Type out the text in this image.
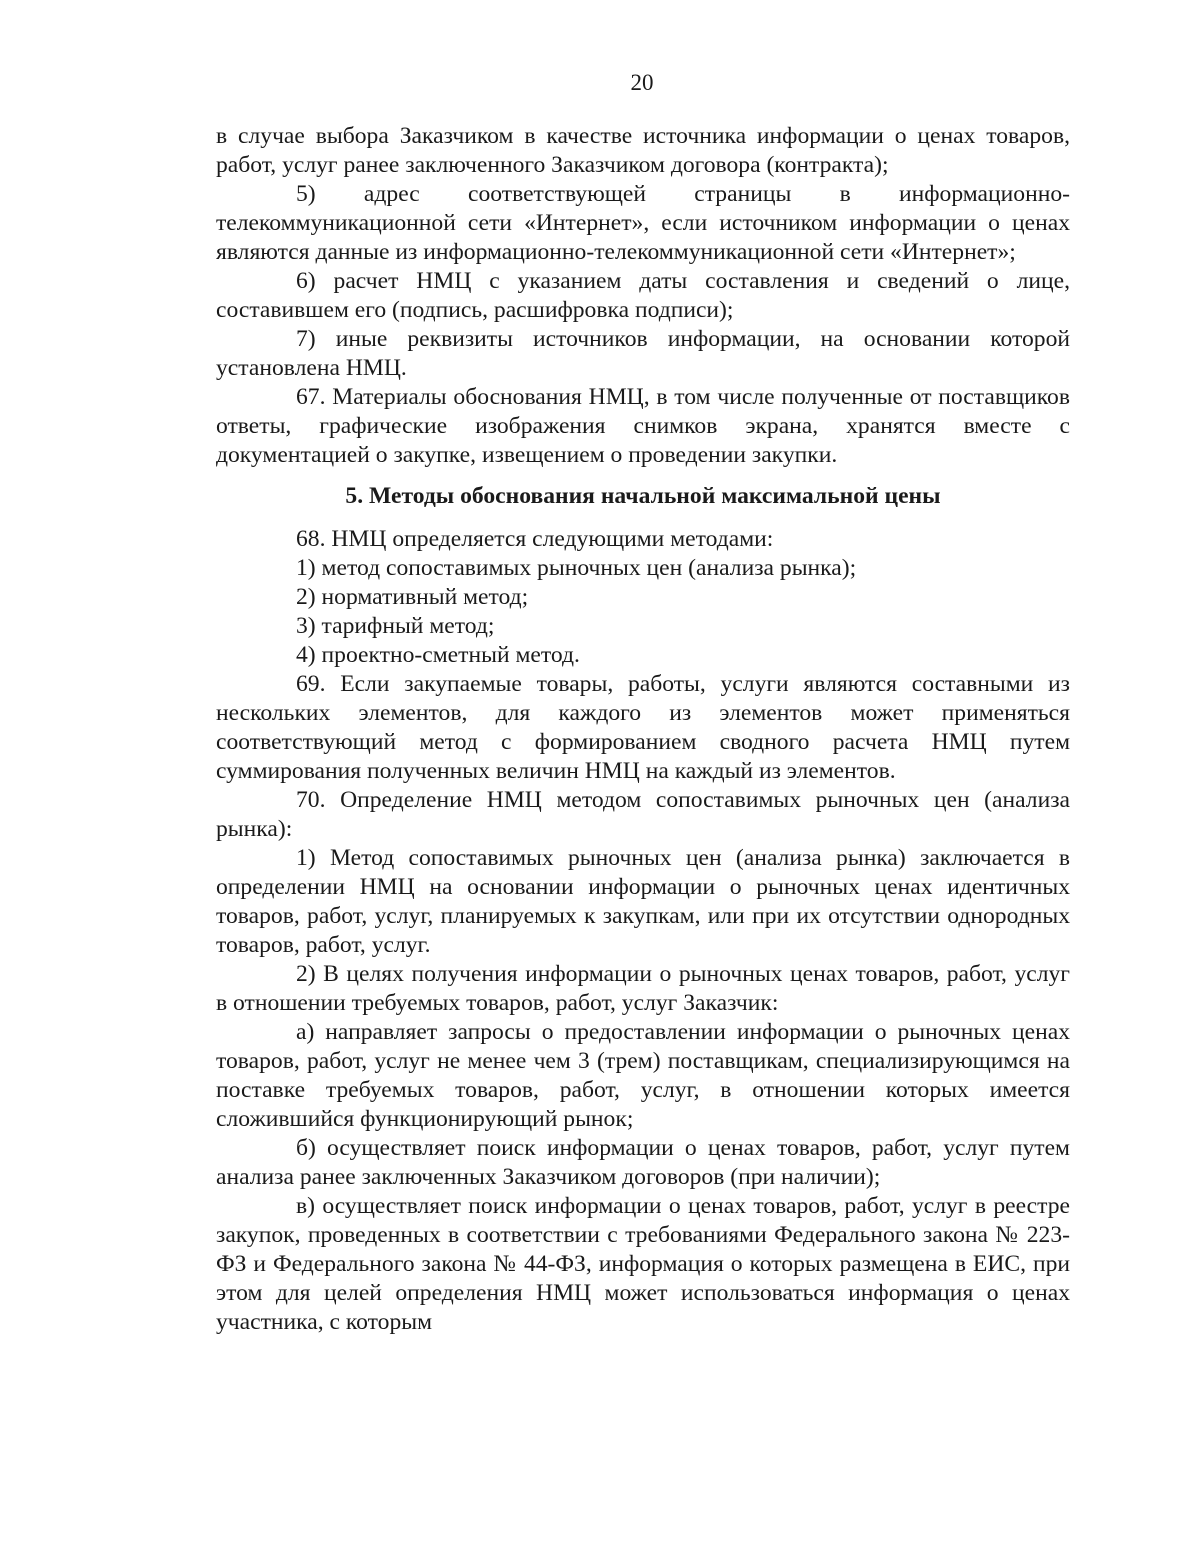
20

в случае выбора Заказчиком в качестве источника информации о ценах товаров, работ, услуг ранее заключенного Заказчиком договора (контракта);

5) адрес соответствующей страницы в информационно-телекоммуникационной сети «Интернет», если источником информации о ценах являются данные из информационно-телекоммуникационной сети «Интернет»;

6) расчет НМЦ с указанием даты составления и сведений о лице, составившем его (подпись, расшифровка подписи);

7) иные реквизиты источников информации, на основании которой установлена НМЦ.

67. Материалы обоснования НМЦ, в том числе полученные от поставщиков ответы, графические изображения снимков экрана, хранятся вместе с документацией о закупке, извещением о проведении закупки.

5. Методы обоснования начальной максимальной цены

68. НМЦ определяется следующими методами:

1) метод сопоставимых рыночных цен (анализа рынка);

2) нормативный метод;

3) тарифный метод;

4) проектно-сметный метод.

69. Если закупаемые товары, работы, услуги являются составными из нескольких элементов, для каждого из элементов может применяться соответствующий метод с формированием сводного расчета НМЦ путем суммирования полученных величин НМЦ на каждый из элементов.

70. Определение НМЦ методом сопоставимых рыночных цен (анализа рынка):

1) Метод сопоставимых рыночных цен (анализа рынка) заключается в определении НМЦ на основании информации о рыночных ценах идентичных товаров, работ, услуг, планируемых к закупкам, или при их отсутствии однородных товаров, работ, услуг.

2) В целях получения информации о рыночных ценах товаров, работ, услуг в отношении требуемых товаров, работ, услуг Заказчик:

а) направляет запросы о предоставлении информации о рыночных ценах товаров, работ, услуг не менее чем 3 (трем) поставщикам, специализирующимся на поставке требуемых товаров, работ, услуг, в отношении которых имеется сложившийся функционирующий рынок;

б) осуществляет поиск информации о ценах товаров, работ, услуг путем анализа ранее заключенных Заказчиком договоров (при наличии);

в) осуществляет поиск информации о ценах товаров, работ, услуг в реестре закупок, проведенных в соответствии с требованиями Федерального закона № 223-ФЗ и Федерального закона № 44-ФЗ, информация о которых размещена в ЕИС, при этом для целей определения НМЦ может использоваться информация о ценах участника, с которым
